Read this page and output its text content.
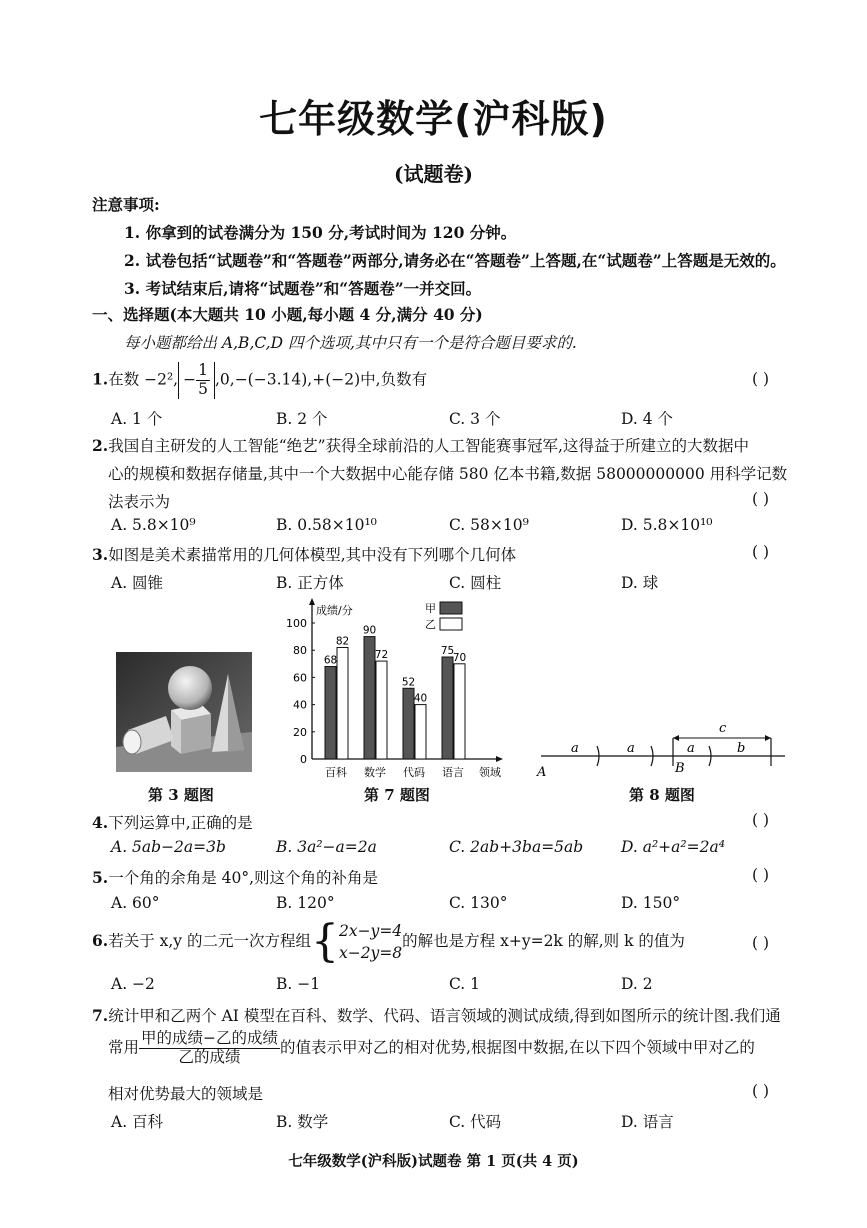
七年级数学(沪科版)
(试题卷)
注意事项:
1. 你拿到的试卷满分为 150 分,考试时间为 120 分钟。
2. 试卷包括“试题卷”和“答题卷”两部分,请务必在“答题卷”上答题,在“试题卷”上答题是无效的。
3. 考试结束后,请将“试题卷”和“答题卷”一并交回。
一、选择题(本大题共 10 小题,每小题 4 分,满分 40 分)
每小题都给出 A,B,C,D 四个选项,其中只有一个是符合题目要求的.
1.在数 −2², − $\frac{1}{5} ,0,-(-3.14),+(-2)$中,负数有	( )
A. 1 个	B. 2 个	C. 3 个	D. 4 个
2.我国自主研发的人工智能“绝艺”获得全球前沿的人工智能赛事冠军,这得益于所建立的大数据中
心的规模和数据存储量,其中一个大数据中心能存储 580 亿本书籍,数据 58000000000 用科学记数
法表示为	( )
A. 5.8×10⁹	B. 0.58×10¹⁰	C. 58×10⁹	D. 5.8×10¹⁰
3.如图是美术素描常用的几何体模型,其中没有下列哪个几何体	( )
A. 圆锥	B. 正方体	C. 圆柱	D. 球
0
20
40
60
80
100
成绩/分
领域
68
82
百科
90
72
数学
52
40
代码
75
70
语言
甲
乙
a	a	a	b
c
A	B
第 3 题图	第 7 题图	第 8 题图
4.下列运算中,正确的是	( )
A. 5ab−2a=3b	B. 3a²−a=2a	C. 2ab+3ba=5ab D. a²+a²=2a⁴
5.一个角的余角是 40°,则这个角的补角是	( )
A. 60°	B. 120°	C. 130°	D. 150°
6.若关于 x,y 的二元一次方程组{ 2x−y=4
x−2y=8
的解也是方程 x+y=2k 的解,则 k 的值为	( )
A. −2	B. −1	C. 1	D. 2
7.统计甲和乙两个 AI 模型在百科、数学、代码、语言领域的测试成绩,得到如图所示的统计图.我们通
常用 $\frac{\text{甲的成绩−乙的成绩}}{\text{乙的成绩}}$ 的值表示甲对乙的相对优势,根据图中数据,在以下四个领域中甲对乙的
相对优势最大的领域是	( )
A. 百科	B. 数学	C. 代码	D. 语言
七年级数学(沪科版)试题卷 第 1 页(共 4 页)
